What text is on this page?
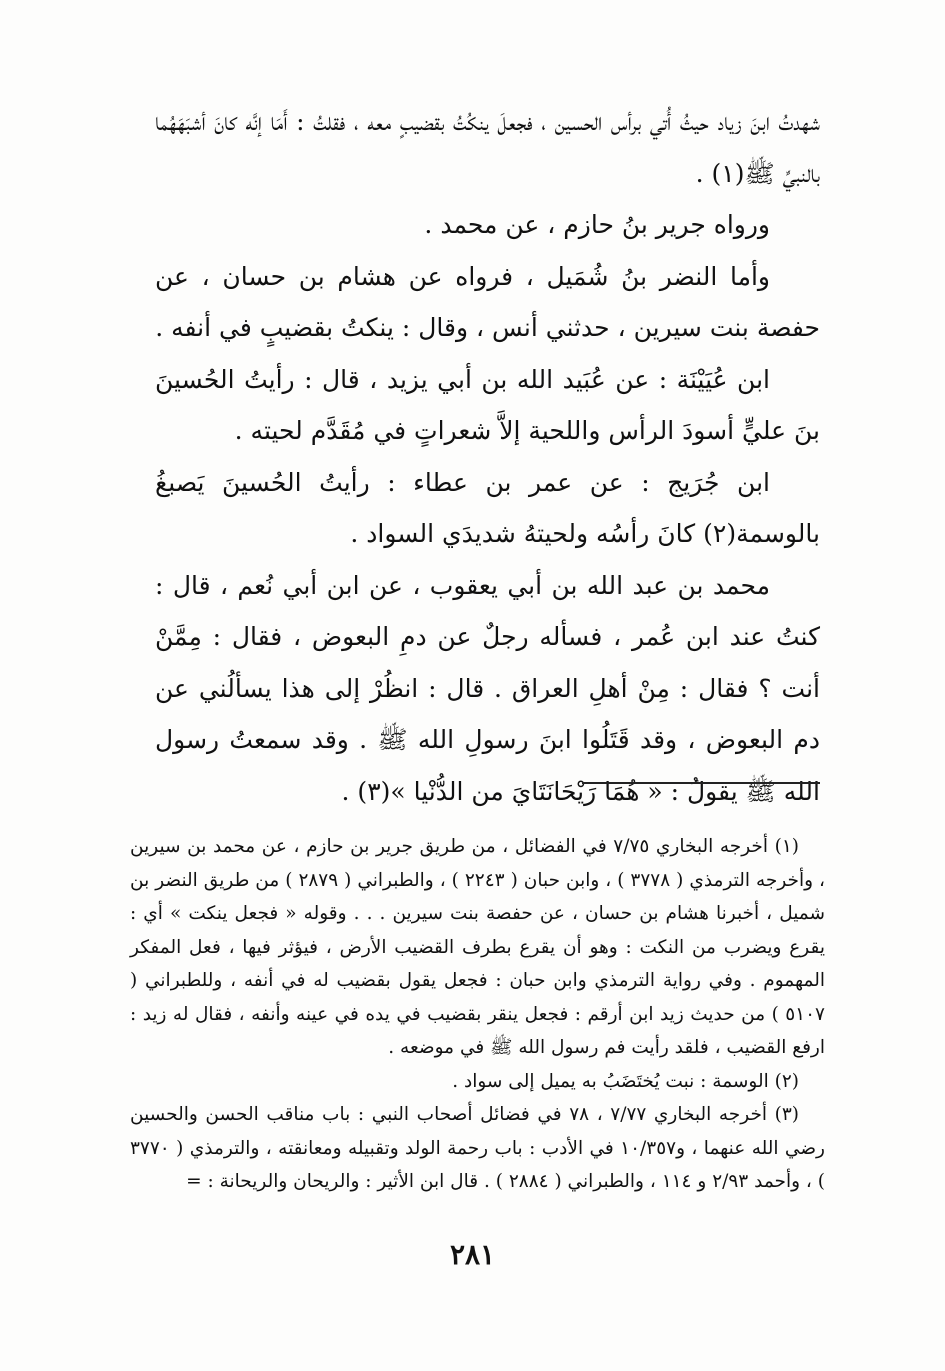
شهدتُ ابنَ زياد حيثُ أُتي برأس الحسين ، فجعلَ ينكُتُ بقضيبٍ معه ، فقلتُ : أَمَا إنَّه كانَ أشبَهَهُما بالنبيِّ ﷺ(١) .

ورواه جرير بنُ حازم ، عن محمد .

وأما النضر بنُ شُمَيل ، فرواه عن هشام بن حسان ، عن حفصة بنت سيرين ، حدثني أنس ، وقال : ينكتُ بقضيبٍ في أنفه .

ابن عُيَيْنَة : عن عُبَيد الله بن أبي يزيد ، قال : رأيتُ الحُسينَ بنَ عليٍّ أسودَ الرأس واللحية إلاَّ شعراتٍ في مُقَدَّم لحيته .

ابن جُرَيج : عن عمر بن عطاء : رأيتُ الحُسينَ يَصبغُ بالوسمة(٢) كانَ رأسُه ولحيتهُ شديدَي السواد .

محمد بن عبد الله بن أبي يعقوب ، عن ابن أبي نُعم ، قال : كنتُ عند ابن عُمر ، فسأله رجلٌ عن دمِ البعوض ، فقال : مِمَّنْ أنت ؟ فقال : مِنْ أهلِ العراق . قال : انظُرْ إلى هذا يسألُني عن دم البعوض ، وقد قَتَلُوا ابنَ رسولِ الله ﷺ . وقد سمعتُ رسول الله ﷺ يقولُ : « هُمَا رَيْحَانَتَايَ من الدُّنْيا »(٣) .

(١) أخرجه البخاري ٧/٧٥ في الفضائل ، من طريق جرير بن حازم ، عن محمد بن سيرين ، وأخرجه الترمذي ( ٣٧٧٨ ) ، وابن حبان ( ٢٢٤٣ ) ، والطبراني ( ٢٨٧٩ ) من طريق النضر بن شميل ، أخبرنا هشام بن حسان ، عن حفصة بنت سيرين . . . وقوله « فجعل ينكت » أي : يقرع ويضرب من النكت : وهو أن يقرع بطرف القضيب الأرض ، فيؤثر فيها ، فعل المفكر المهموم . وفي رواية الترمذي وابن حبان : فجعل يقول بقضيب له في أنفه ، وللطبراني ( ٥١٠٧ ) من حديث زيد ابن أرقم : فجعل ينقر بقضيب في يده في عينه وأنفه ، فقال له زيد : ارفع القضيب ، فلقد رأيت فم رسول الله ﷺ في موضعه .

(٢) الوسمة : نبت يُختَضَبُ به يميل إلى سواد .

(٣) أخرجه البخاري ٧/٧٧ ، ٧٨ في فضائل أصحاب النبي : باب مناقب الحسن والحسين رضي الله عنهما ، و١٠/٣٥٧ في الأدب : باب رحمة الولد وتقبيله ومعانقته ، والترمذي ( ٣٧٧٠ ) ، وأحمد ٢/٩٣ و ١١٤ ، والطبراني ( ٢٨٨٤ ) . قال ابن الأثير : والريحان والريحانة : =

٢٨١
